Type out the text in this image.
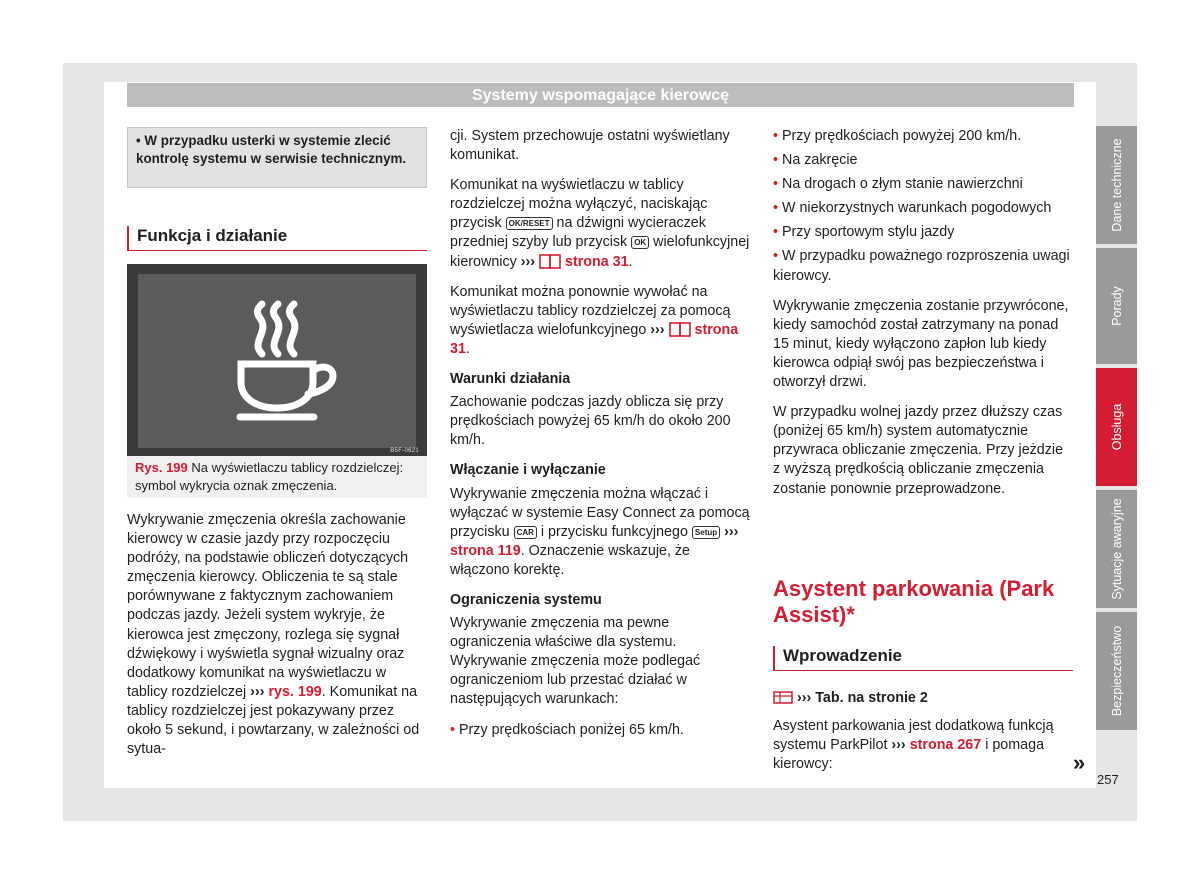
Systemy wspomagające kierowcę
• W przypadku usterki w systemie zlecić kontrolę systemu w serwisie technicznym.
Funkcja i działanie
B5F-0621
Rys. 199 Na wyświetlaczu tablicy rozdzielczej: symbol wykrycia oznak zmęczenia.

Wykrywanie zmęczenia określa zachowanie kierowcy w czasie jazdy przy rozpoczęciu podróży, na podstawie obliczeń dotyczących zmęczenia kierowcy. Obliczenia te są stale porównywane z faktycznym zachowaniem podczas jazdy. Jeżeli system wykryje, że kierowca jest zmęczony, rozlega się sygnał dźwiękowy i wyświetla sygnał wizualny oraz dodatkowy komunikat na wyświetlaczu w tablicy rozdzielczej ››› rys. 199. Komunikat na tablicy rozdzielczej jest pokazywany przez około 5 sekund, i powtarzany, w zależności od sytua-

cji. System przechowuje ostatni wyświetlany komunikat.

Komunikat na wyświetlaczu w tablicy rozdzielczej można wyłączyć, naciskając przycisk OK/RESET na dźwigni wycieraczek przedniej szyby lub przycisk OK wielofunkcyjnej kierownicy ››› strona 31.

Komunikat można ponownie wywołać na wyświetlaczu tablicy rozdzielczej za pomocą wyświetlacza wielofunkcyjnego ››› strona 31.

Warunki działania

Zachowanie podczas jazdy oblicza się przy prędkościach powyżej 65 km/h do około 200 km/h.

Włączanie i wyłączanie

Wykrywanie zmęczenia można włączać i wyłączać w systemie Easy Connect za pomocą przycisku CAR i przycisku funkcyjnego Setup ››› strona 119. Oznaczenie wskazuje, że włączono korektę.

Ograniczenia systemu

Wykrywanie zmęczenia ma pewne ograniczenia właściwe dla systemu. Wykrywanie zmęczenia może podlegać ograniczeniom lub przestać działać w następujących warunkach:

• Przy prędkościach poniżej 65 km/h.

• Przy prędkościach powyżej 200 km/h.
• Na zakręcie
• Na drogach o złym stanie nawierzchni
• W niekorzystnych warunkach pogodowych
• Przy sportowym stylu jazdy
• W przypadku poważnego rozproszenia uwagi kierowcy.

Wykrywanie zmęczenia zostanie przywrócone, kiedy samochód został zatrzymany na ponad 15 minut, kiedy wyłączono zapłon lub kiedy kierowca odpiął swój pas bezpieczeństwa i otworzył drzwi.

W przypadku wolnej jazdy przez dłuższy czas (poniżej 65 km/h) system automatycznie przywraca obliczanie zmęczenia. Przy jeżdzie z wyższą prędkością obliczanie zmęczenia zostanie ponownie przeprowadzone.

Asystent parkowania (Park Assist)*
Wprowadzenie

››› Tab. na stronie 2

Asystent parkowania jest dodatkową funkcją systemu ParkPilot ››› strona 267 i pomaga kierowcy:

Dane techniczne
Porady
Obsługa
Sytuacje awaryjne
Bezpieczeństwo
»
257
